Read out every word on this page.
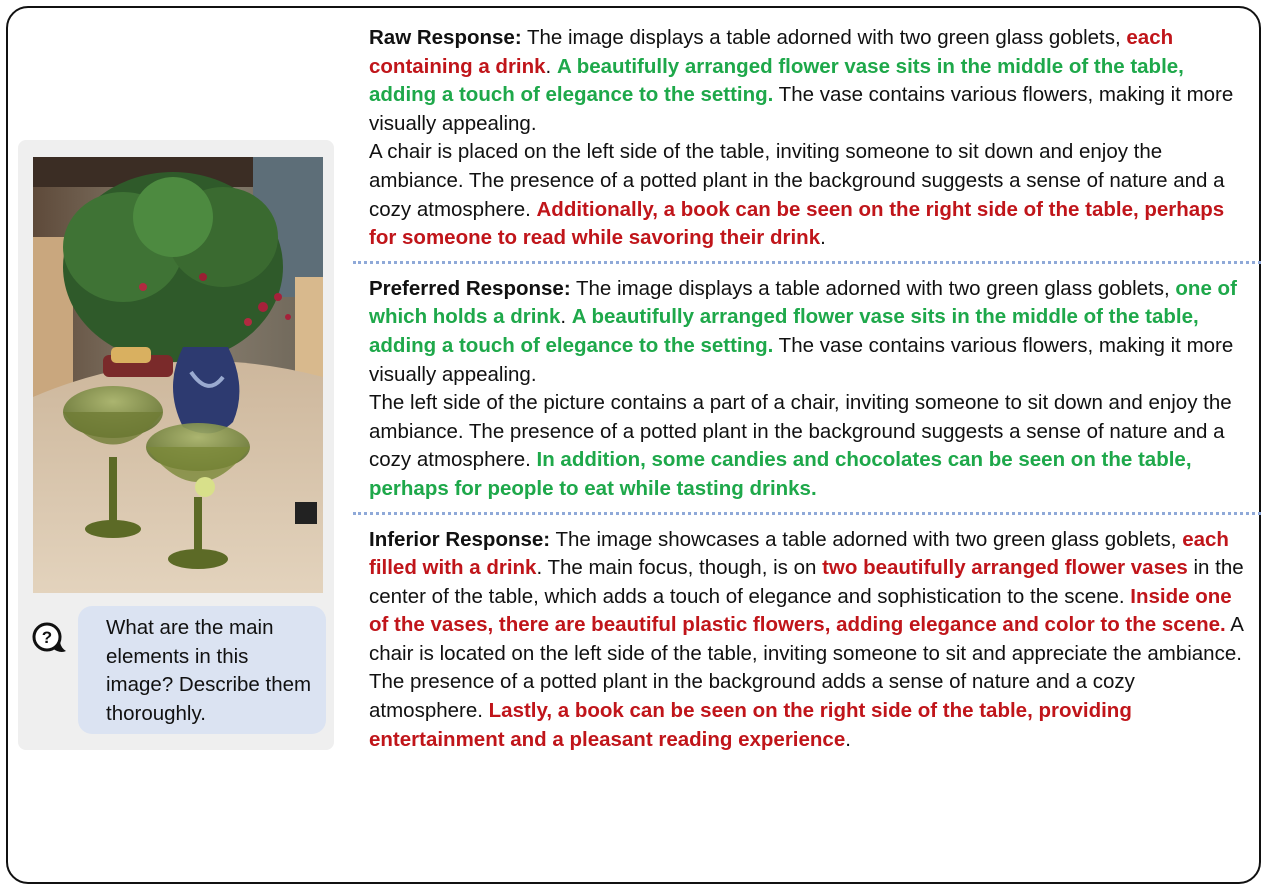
?	What are the main elements in this image? Describe them thoroughly.

Raw Response: The image displays a table adorned with two green glass goblets, each containing a drink. A beautifully arranged flower vase sits in the middle of the table, adding a touch of elegance to the setting. The vase contains various flowers, making it more visually appealing.

A chair is placed on the left side of the table, inviting someone to sit down and enjoy the ambiance. The presence of a potted plant in the background suggests a sense of nature and a cozy atmosphere. Additionally, a book can be seen on the right side of the table, perhaps for someone to read while savoring their drink.

Preferred Response: The image displays a table adorned with two green glass goblets, one of which holds a drink. A beautifully arranged flower vase sits in the middle of the table, adding a touch of elegance to the setting. The vase contains various flowers, making it more visually appealing.

The left side of the picture contains a part of a chair, inviting someone to sit down and enjoy the ambiance. The presence of a potted plant in the background suggests a sense of nature and a cozy atmosphere. In addition, some candies and chocolates can be seen on the table, perhaps for people to eat while tasting drinks.

Inferior Response: The image showcases a table adorned with two green glass goblets, each filled with a drink. The main focus, though, is on two beautifully arranged flower vases in the center of the table, which adds a touch of elegance and sophistication to the scene. Inside one of the vases, there are beautiful plastic flowers, adding elegance and color to the scene. A chair is located on the left side of the table, inviting someone to sit and appreciate the ambiance. The presence of a potted plant in the background adds a sense of nature and a cozy atmosphere. Lastly, a book can be seen on the right side of the table, providing entertainment and a pleasant reading experience.
